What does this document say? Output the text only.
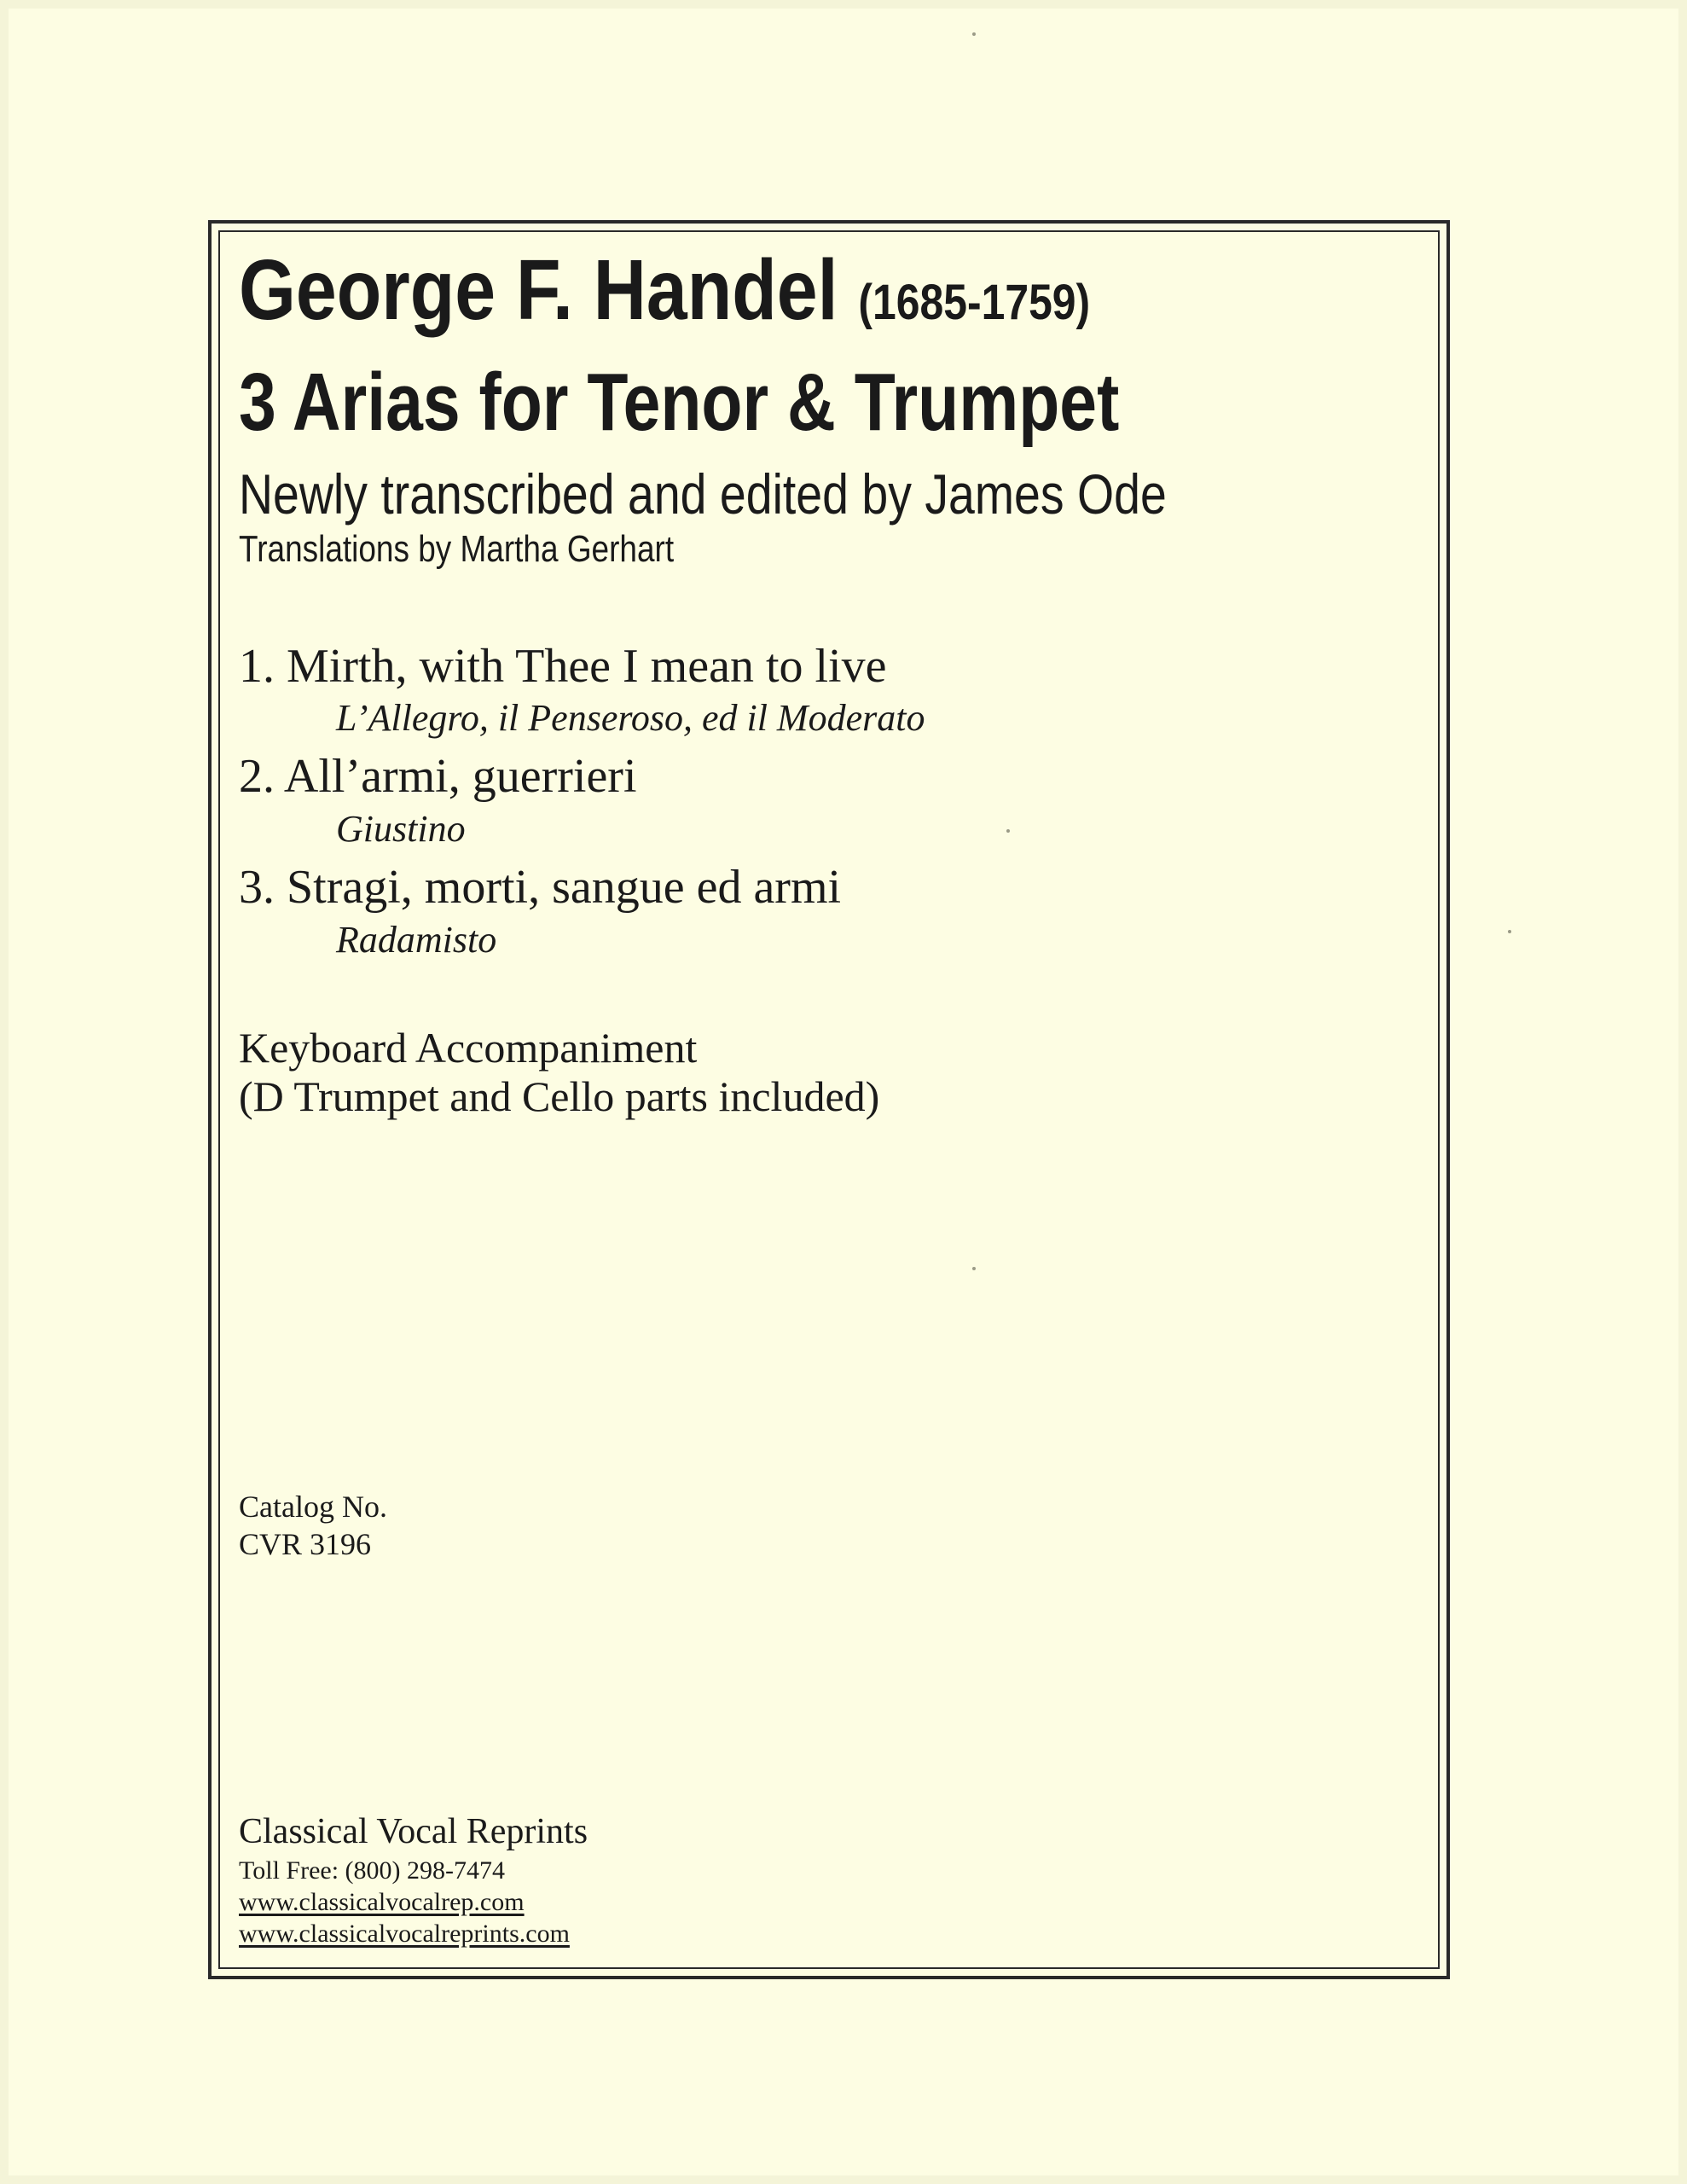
George F. Handel (1685-1759)
3 Arias for Tenor & Trumpet

Newly transcribed and edited by James Ode

Translations by Martha Gerhart

1. Mirth, with Thee I mean to live

L’Allegro, il Penseroso, ed il Moderato

2. All’armi, guerrieri

Giustino

3. Stragi, morti, sangue ed armi

Radamisto

Keyboard Accompaniment

(D Trumpet and Cello parts included)

Catalog No.

CVR 3196

Classical Vocal Reprints

Toll Free: (800) 298-7474

www.classicalvocalrep.com

www.classicalvocalreprints.com
